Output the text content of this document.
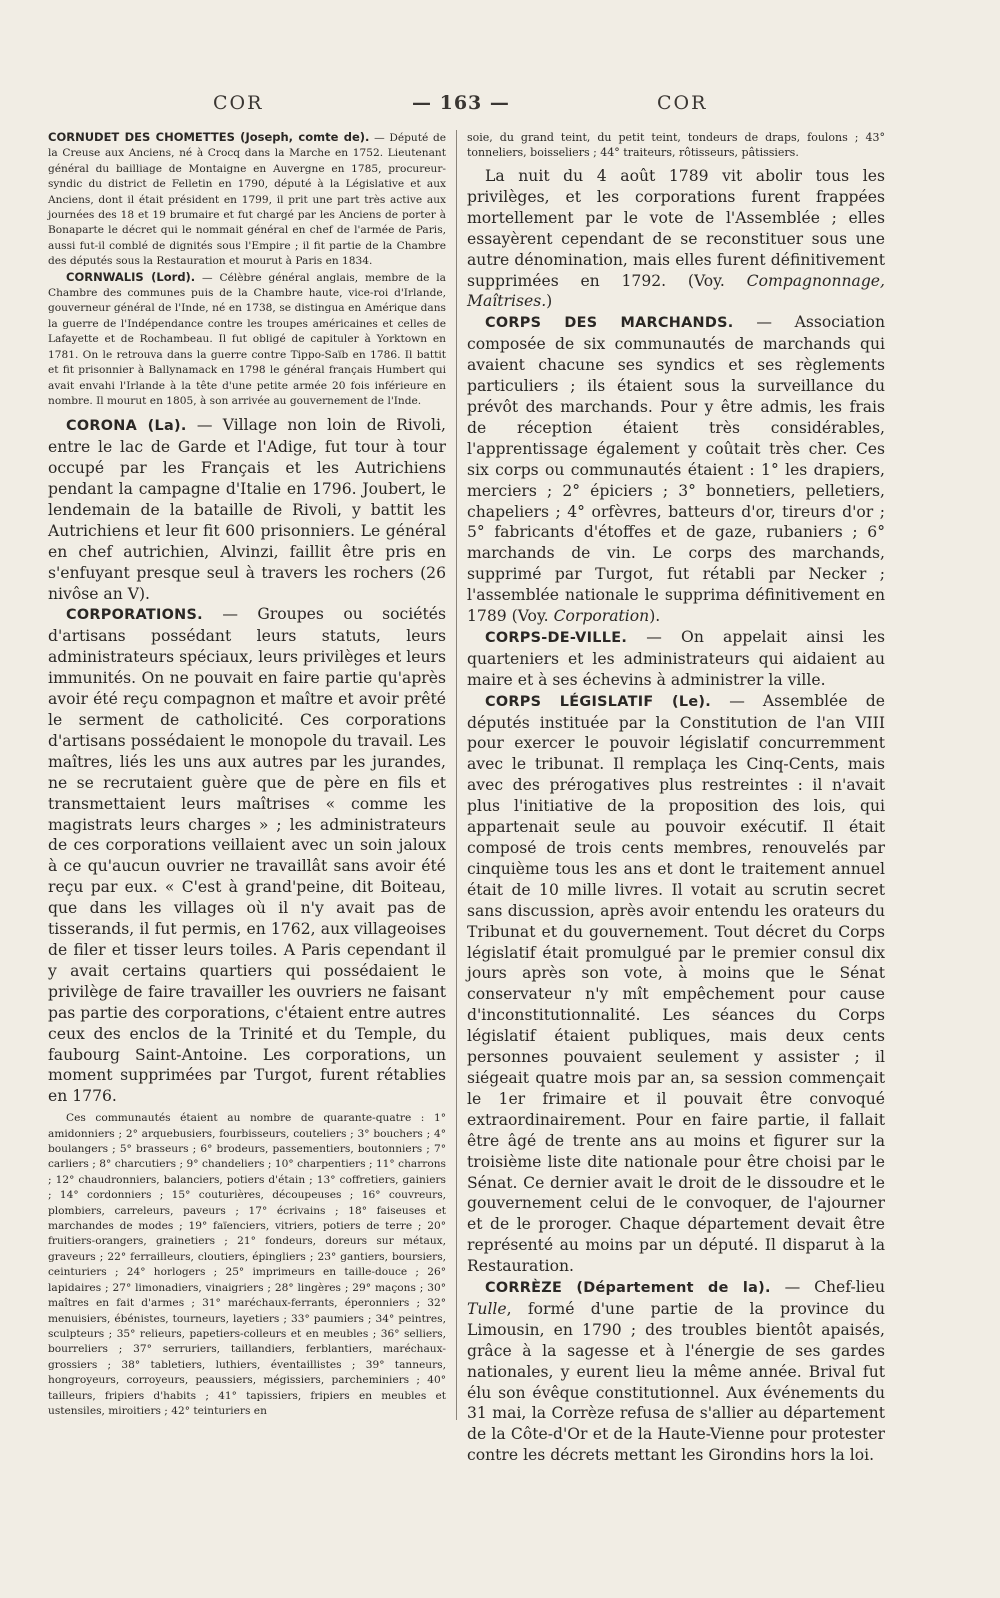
COR	— 163 —	COR

CORNUDET DES CHOMETTES (Joseph, comte de). — Député de la Creuse aux Anciens, né à Crocq dans la Marche en 1752. Lieutenant général du bailliage de Montaigne en Auvergne en 1785, procureur-syndic du district de Felletin en 1790, député à la Législative et aux Anciens, dont il était président en 1799, il prit une part très active aux journées des 18 et 19 brumaire et fut chargé par les Anciens de porter à Bonaparte le décret qui le nommait général en chef de l'armée de Paris, aussi fut-il comblé de dignités sous l'Empire ; il fit partie de la Chambre des députés sous la Restauration et mourut à Paris en 1834.

CORNWALIS (Lord). — Célèbre général anglais, membre de la Chambre des communes puis de la Chambre haute, vice-roi d'Irlande, gouverneur général de l'Inde, né en 1738, se distingua en Amérique dans la guerre de l'Indépendance contre les troupes américaines et celles de Lafayette et de Rochambeau. Il fut obligé de capituler à Yorktown en 1781. On le retrouva dans la guerre contre Tippo-Saïb en 1786. Il battit et fit prisonnier à Ballynamack en 1798 le général français Humbert qui avait envahi l'Irlande à la tête d'une petite armée 20 fois inférieure en nombre. Il mourut en 1805, à son arrivée au gouvernement de l'Inde.

CORONA (La). — Village non loin de Rivoli, entre le lac de Garde et l'Adige, fut tour à tour occupé par les Français et les Autrichiens pendant la campagne d'Italie en 1796. Joubert, le lendemain de la bataille de Rivoli, y battit les Autrichiens et leur fit 600 prisonniers. Le général en chef autrichien, Alvinzi, faillit être pris en s'enfuyant presque seul à travers les rochers (26 nivôse an V).

CORPORATIONS. — Groupes ou sociétés d'artisans possédant leurs statuts, leurs administrateurs spéciaux, leurs privilèges et leurs immunités. On ne pouvait en faire partie qu'après avoir été reçu compagnon et maître et avoir prêté le serment de catholicité. Ces corporations d'artisans possédaient le monopole du travail. Les maîtres, liés les uns aux autres par les jurandes, ne se recrutaient guère que de père en fils et transmettaient leurs maîtrises « comme les magistrats leurs charges » ; les administrateurs de ces corporations veillaient avec un soin jaloux à ce qu'aucun ouvrier ne travaillât sans avoir été reçu par eux. « C'est à grand'peine, dit Boiteau, que dans les villages où il n'y avait pas de tisserands, il fut permis, en 1762, aux villageoises de filer et tisser leurs toiles. A Paris cependant il y avait certains quartiers qui possédaient le privilège de faire travailler les ouvriers ne faisant pas partie des corporations, c'étaient entre autres ceux des enclos de la Trinité et du Temple, du faubourg Saint-Antoine. Les corporations, un moment supprimées par Turgot, furent rétablies en 1776.

Ces communautés étaient au nombre de quarante-quatre : 1° amidonniers ; 2° arquebusiers, fourbisseurs, couteliers ; 3° bouchers ; 4° boulangers ; 5° brasseurs ; 6° brodeurs, passementiers, boutonniers ; 7° carliers ; 8° charcutiers ; 9° chandeliers ; 10° charpentiers ; 11° charrons ; 12° chaudronniers, balanciers, potiers d'étain ; 13° coffretiers, gainiers ; 14° cordonniers ; 15° couturières, découpeuses ; 16° couvreurs, plombiers, carreleurs, paveurs ; 17° écrivains ; 18° faiseuses et marchandes de modes ; 19° faïenciers, vitriers, potiers de terre ; 20° fruitiers-orangers, grainetiers ; 21° fondeurs, doreurs sur métaux, graveurs ; 22° ferrailleurs, cloutiers, épingliers ; 23° gantiers, boursiers, ceinturiers ; 24° horlogers ; 25° imprimeurs en taille-douce ; 26° lapidaires ; 27° limonadiers, vinaigriers ; 28° lingères ; 29° maçons ; 30° maîtres en fait d'armes ; 31° maréchaux-ferrants, éperonniers ; 32° menuisiers, ébénistes, tourneurs, layetiers ; 33° paumiers ; 34° peintres, sculpteurs ; 35° relieurs, papetiers-colleurs et en meubles ; 36° selliers, bourreliers ; 37° serruriers, taillandiers, ferblantiers, maréchaux-grossiers ; 38° tabletiers, luthiers, éventaillistes ; 39° tanneurs, hongroyeurs, corroyeurs, peaussiers, mégissiers, parcheminiers ; 40° tailleurs, fripiers d'habits ; 41° tapissiers, fripiers en meubles et ustensiles, miroitiers ; 42° teinturiers en

soie, du grand teint, du petit teint, tondeurs de draps, foulons ; 43° tonneliers, boisseliers ; 44° traiteurs, rôtisseurs, pâtissiers.

La nuit du 4 août 1789 vit abolir tous les privilèges, et les corporations furent frappées mortellement par le vote de l'Assemblée ; elles essayèrent cependant de se reconstituer sous une autre dénomination, mais elles furent définitivement supprimées en 1792. (Voy. Compagnonnage, Maîtrises.)

CORPS DES MARCHANDS. — Association composée de six communautés de marchands qui avaient chacune ses syndics et ses règlements particuliers ; ils étaient sous la surveillance du prévôt des marchands. Pour y être admis, les frais de réception étaient très considérables, l'apprentissage également y coûtait très cher. Ces six corps ou communautés étaient : 1° les drapiers, merciers ; 2° épiciers ; 3° bonnetiers, pelletiers, chapeliers ; 4° orfèvres, batteurs d'or, tireurs d'or ; 5° fabricants d'étoffes et de gaze, rubaniers ; 6° marchands de vin. Le corps des marchands, supprimé par Turgot, fut rétabli par Necker ; l'assemblée nationale le supprima définitivement en 1789 (Voy. Corporation).

CORPS-DE-VILLE. — On appelait ainsi les quarteniers et les administrateurs qui aidaient au maire et à ses échevins à administrer la ville.

CORPS LÉGISLATIF (Le). — Assemblée de députés instituée par la Constitution de l'an VIII pour exercer le pouvoir législatif concurremment avec le tribunat. Il remplaça les Cinq-Cents, mais avec des prérogatives plus restreintes : il n'avait plus l'initiative de la proposition des lois, qui appartenait seule au pouvoir exécutif. Il était composé de trois cents membres, renouvelés par cinquième tous les ans et dont le traitement annuel était de 10 mille livres. Il votait au scrutin secret sans discussion, après avoir entendu les orateurs du Tribunat et du gouvernement. Tout décret du Corps législatif était promulgué par le premier consul dix jours après son vote, à moins que le Sénat conservateur n'y mît empêchement pour cause d'inconstitutionnalité. Les séances du Corps législatif étaient publiques, mais deux cents personnes pouvaient seulement y assister ; il siégeait quatre mois par an, sa session commençait le 1er frimaire et il pouvait être convoqué extraordinairement. Pour en faire partie, il fallait être âgé de trente ans au moins et figurer sur la troisième liste dite nationale pour être choisi par le Sénat. Ce dernier avait le droit de le dissoudre et le gouvernement celui de le convoquer, de l'ajourner et de le proroger. Chaque département devait être représenté au moins par un député. Il disparut à la Restauration.

CORRÈZE (Département de la). — Chef-lieu Tulle, formé d'une partie de la province du Limousin, en 1790 ; des troubles bientôt apaisés, grâce à la sagesse et à l'énergie de ses gardes nationales, y eurent lieu la même année. Brival fut élu son évêque constitutionnel. Aux événements du 31 mai, la Corrèze refusa de s'allier au département de la Côte-d'Or et de la Haute-Vienne pour protester contre les décrets mettant les Girondins hors la loi.
